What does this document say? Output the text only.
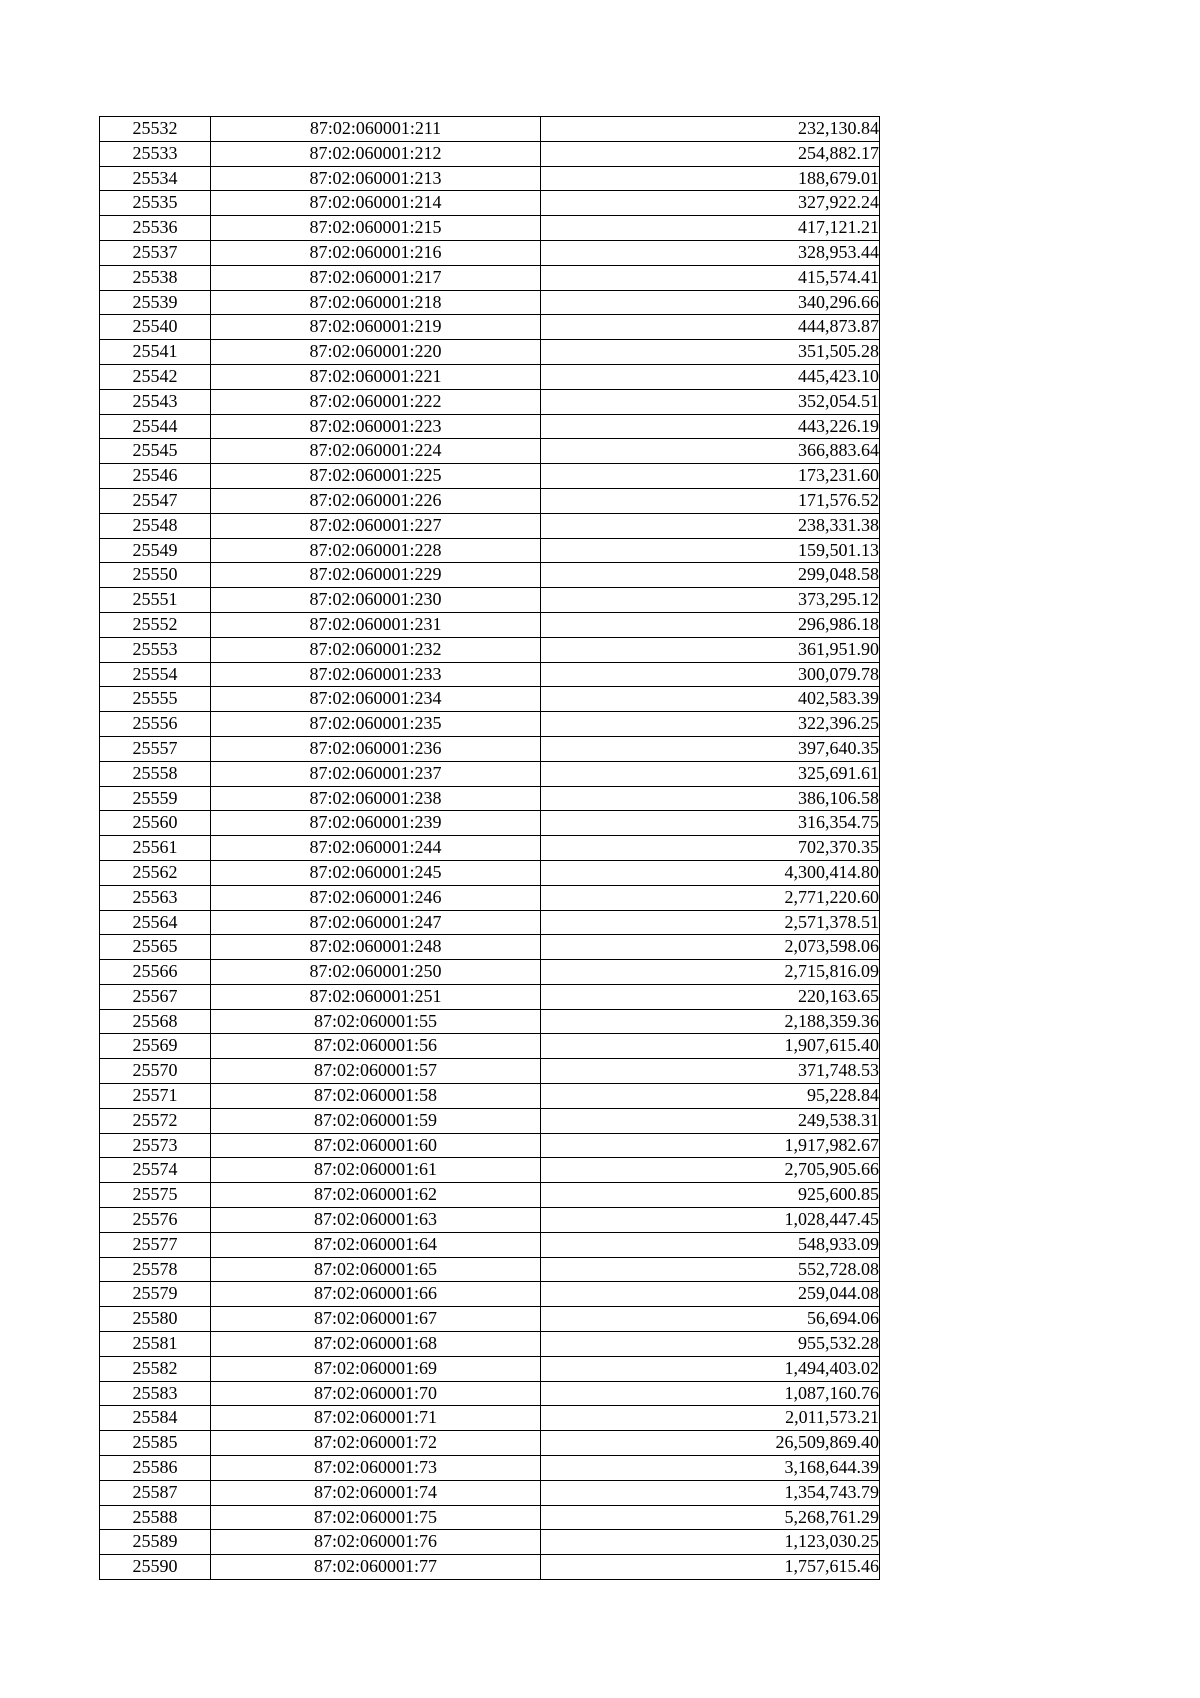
25532	87:02:060001:211	232,130.84
25533	87:02:060001:212	254,882.17
25534	87:02:060001:213	188,679.01
25535	87:02:060001:214	327,922.24
25536	87:02:060001:215	417,121.21
25537	87:02:060001:216	328,953.44
25538	87:02:060001:217	415,574.41
25539	87:02:060001:218	340,296.66
25540	87:02:060001:219	444,873.87
25541	87:02:060001:220	351,505.28
25542	87:02:060001:221	445,423.10
25543	87:02:060001:222	352,054.51
25544	87:02:060001:223	443,226.19
25545	87:02:060001:224	366,883.64
25546	87:02:060001:225	173,231.60
25547	87:02:060001:226	171,576.52
25548	87:02:060001:227	238,331.38
25549	87:02:060001:228	159,501.13
25550	87:02:060001:229	299,048.58
25551	87:02:060001:230	373,295.12
25552	87:02:060001:231	296,986.18
25553	87:02:060001:232	361,951.90
25554	87:02:060001:233	300,079.78
25555	87:02:060001:234	402,583.39
25556	87:02:060001:235	322,396.25
25557	87:02:060001:236	397,640.35
25558	87:02:060001:237	325,691.61
25559	87:02:060001:238	386,106.58
25560	87:02:060001:239	316,354.75
25561	87:02:060001:244	702,370.35
25562	87:02:060001:245	4,300,414.80
25563	87:02:060001:246	2,771,220.60
25564	87:02:060001:247	2,571,378.51
25565	87:02:060001:248	2,073,598.06
25566	87:02:060001:250	2,715,816.09
25567	87:02:060001:251	220,163.65
25568	87:02:060001:55	2,188,359.36
25569	87:02:060001:56	1,907,615.40
25570	87:02:060001:57	371,748.53
25571	87:02:060001:58	95,228.84
25572	87:02:060001:59	249,538.31
25573	87:02:060001:60	1,917,982.67
25574	87:02:060001:61	2,705,905.66
25575	87:02:060001:62	925,600.85
25576	87:02:060001:63	1,028,447.45
25577	87:02:060001:64	548,933.09
25578	87:02:060001:65	552,728.08
25579	87:02:060001:66	259,044.08
25580	87:02:060001:67	56,694.06
25581	87:02:060001:68	955,532.28
25582	87:02:060001:69	1,494,403.02
25583	87:02:060001:70	1,087,160.76
25584	87:02:060001:71	2,011,573.21
25585	87:02:060001:72	26,509,869.40
25586	87:02:060001:73	3,168,644.39
25587	87:02:060001:74	1,354,743.79
25588	87:02:060001:75	5,268,761.29
25589	87:02:060001:76	1,123,030.25
25590	87:02:060001:77	1,757,615.46
